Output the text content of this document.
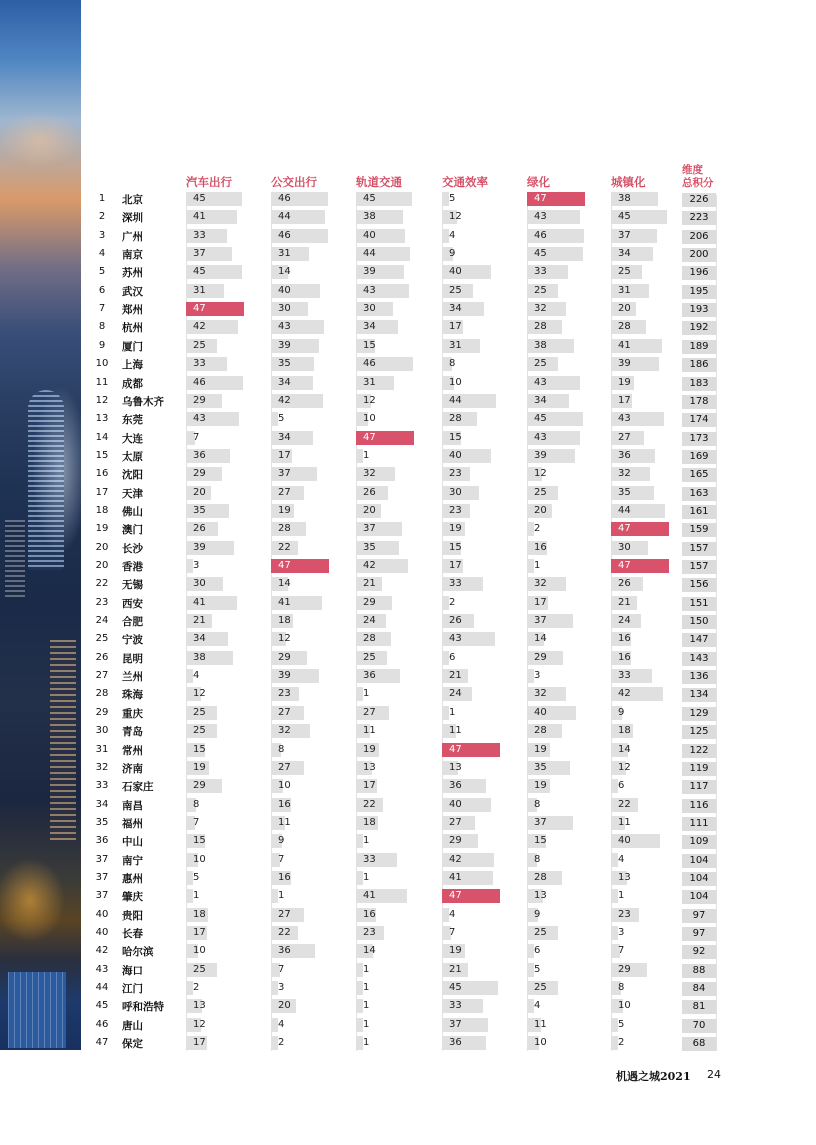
汽车出行	公交出行	轨道交通	交通效率	绿化	城镇化
维度
总积分
1	北京	45	46	45	5	47	38	226
2	深圳	41	44	38	12	43	45	223
3	广州	33	46	40	4	46	37	206
4	南京	37	31	44	9	45	34	200
5	苏州	45	14	39	40	33	25	196
6	武汉	31	40	43	25	25	31	195
7	郑州	47	30	30	34	32	20	193
8	杭州	42	43	34	17	28	28	192
9	厦门	25	39	15	31	38	41	189
10	上海	33	35	46	8	25	39	186
11	成都	46	34	31	10	43	19	183
12	乌鲁木齐	29	42	12	44	34	17	178
13	东莞	43	5	10	28	45	43	174
14	大连	7	34	47	15	43	27	173
15	太原	36	17	1	40	39	36	169
16	沈阳	29	37	32	23	12	32	165
17	天津	20	27	26	30	25	35	163
18	佛山	35	19	20	23	20	44	161
19	澳门	26	28	37	19	2	47	159
20	长沙	39	22	35	15	16	30	157
20	香港	3	47	42	17	1	47	157
22	无锡	30	14	21	33	32	26	156
23	西安	41	41	29	2	17	21	151
24	合肥	21	18	24	26	37	24	150
25	宁波	34	12	28	43	14	16	147
26	昆明	38	29	25	6	29	16	143
27	兰州	4	39	36	21	3	33	136
28	珠海	12	23	1	24	32	42	134
29	重庆	25	27	27	1	40	9	129
30	青岛	25	32	11	11	28	18	125
31	常州	15	8	19	47	19	14	122
32	济南	19	27	13	13	35	12	119
33	石家庄	29	10	17	36	19	6	117
34	南昌	8	16	22	40	8	22	116
35	福州	7	11	18	27	37	11	111
36	中山	15	9	1	29	15	40	109
37	南宁	10	7	33	42	8	4	104
37	惠州	5	16	1	41	28	13	104
37	肇庆	1	1	41	47	13	1	104
40	贵阳	18	27	16	4	9	23	97
40	长春	17	22	23	7	25	3	97
42	哈尔滨	10	36	14	19	6	7	92
43	海口	25	7	1	21	5	29	88
44	江门	2	3	1	45	25	8	84
45	呼和浩特	13	20	1	33	4	10	81
46	唐山	12	4	1	37	11	5	70
47	保定	17	2	1	36	10	2	68
机遇之城2021 24
